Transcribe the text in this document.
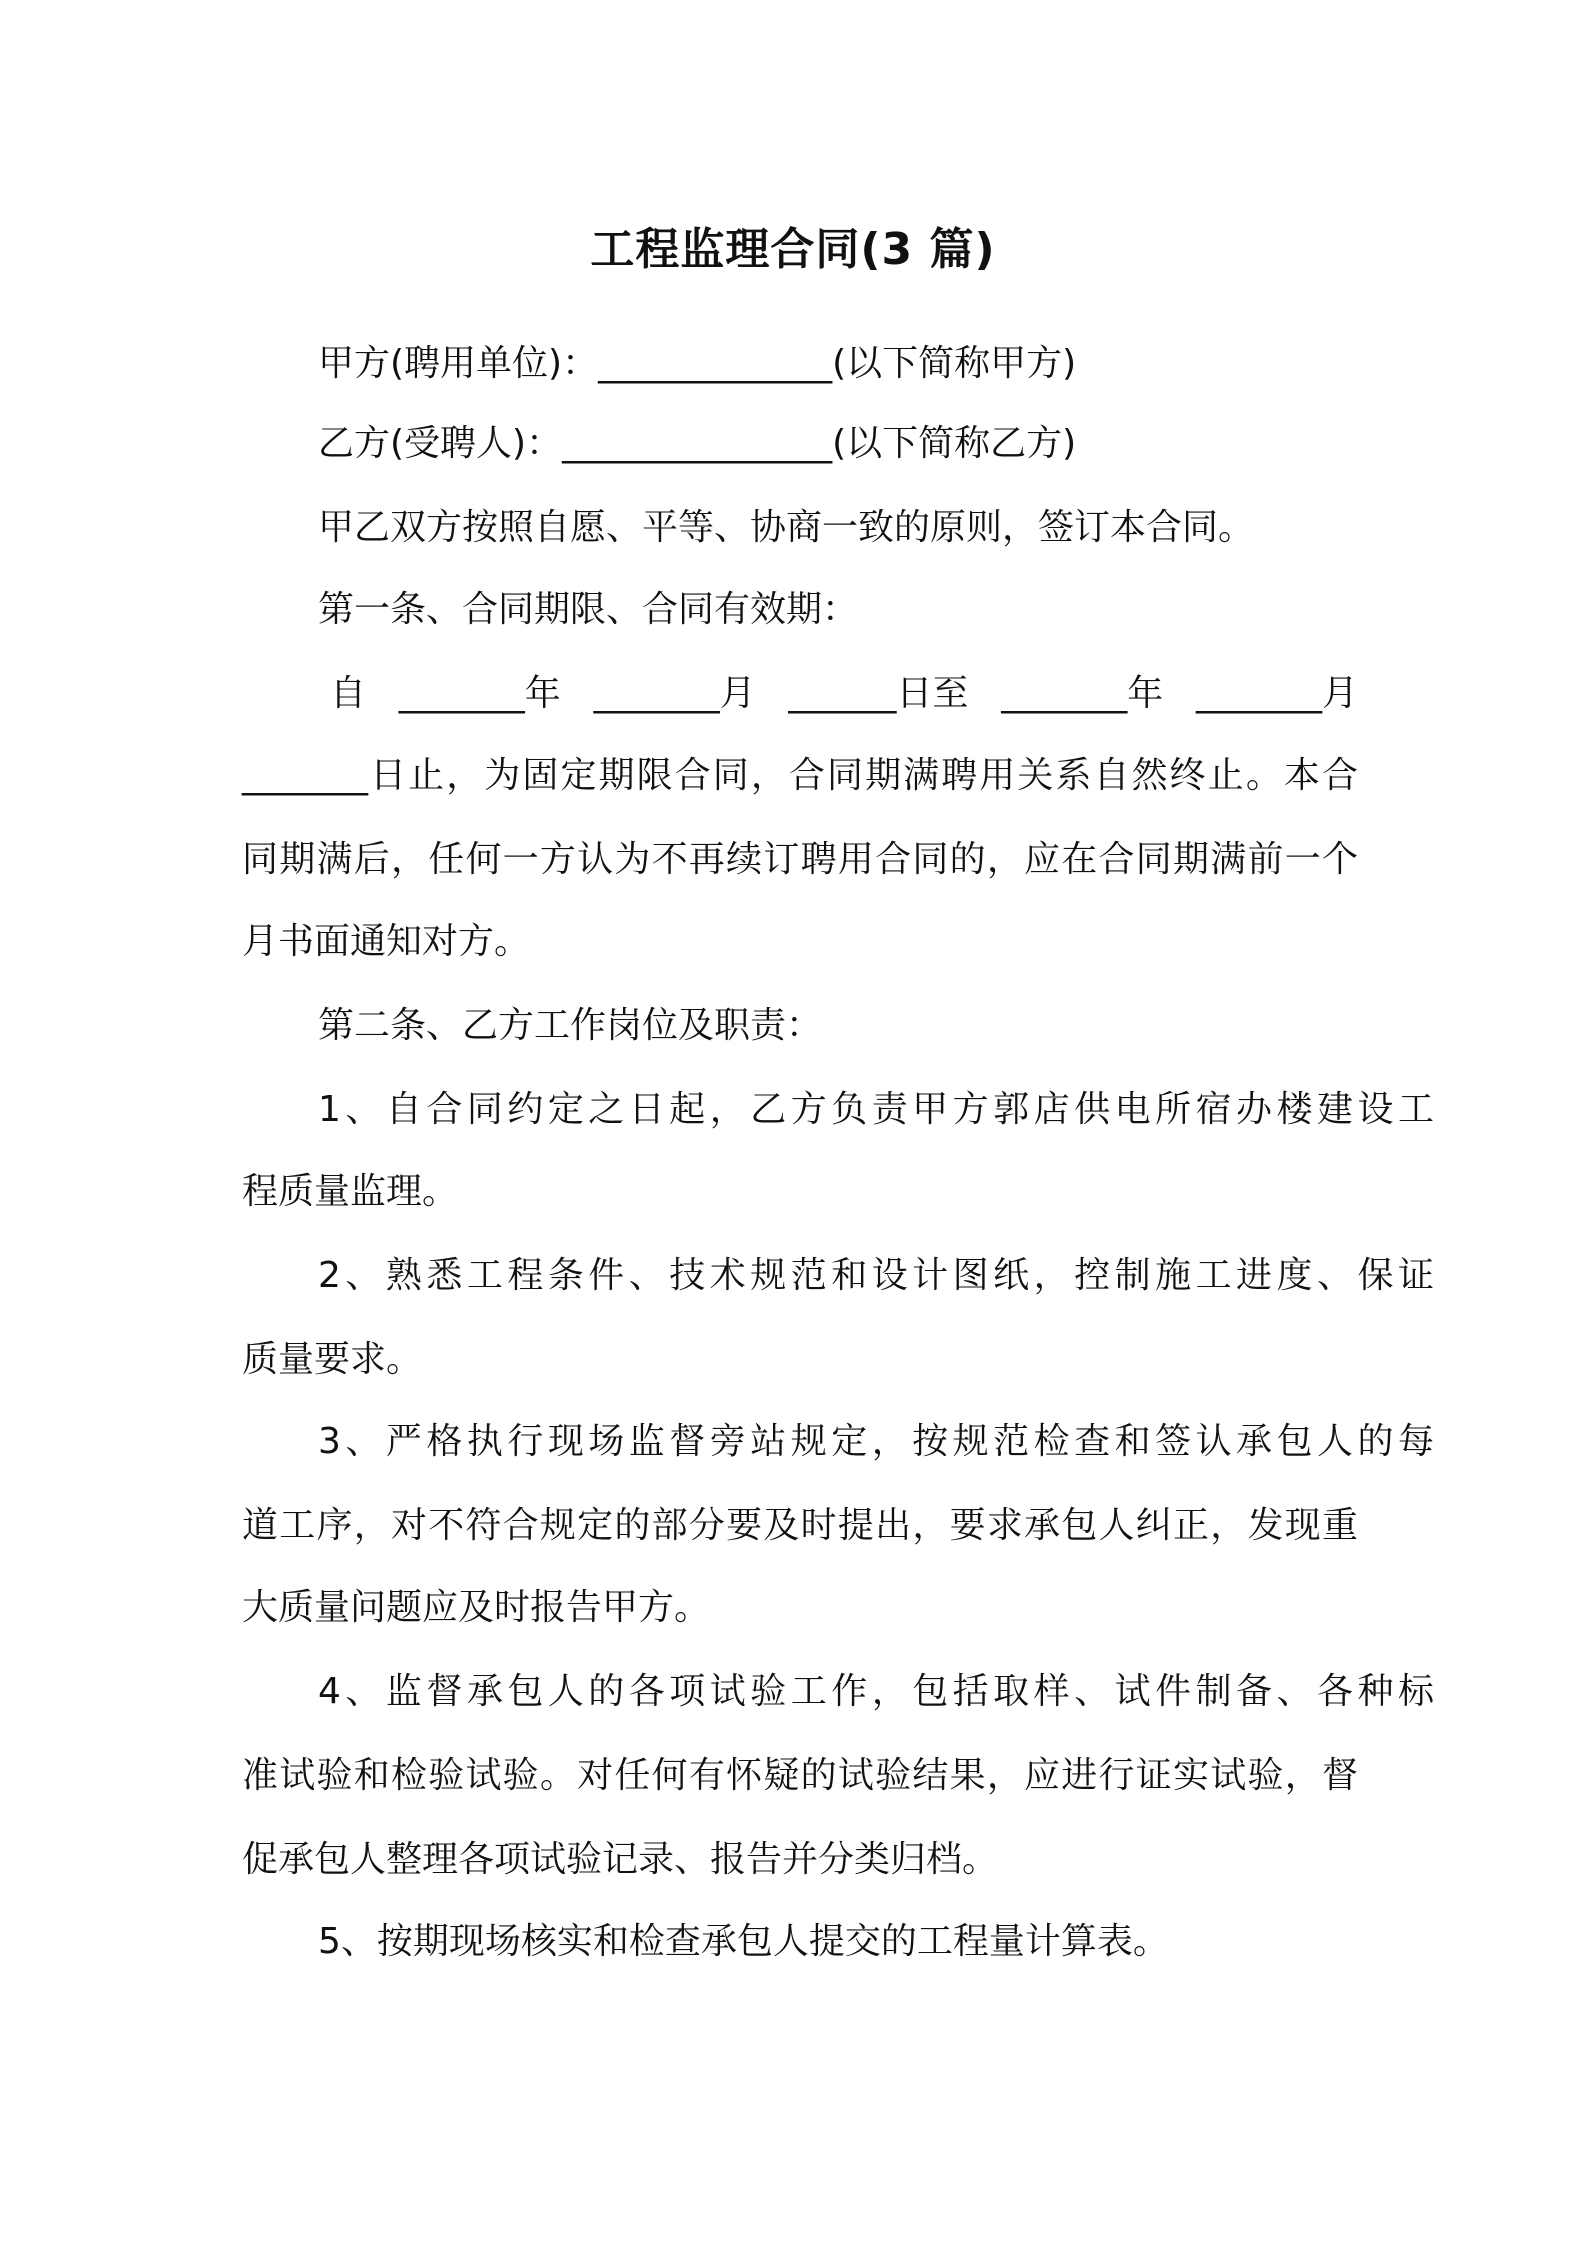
工程监理合同(3 篇)
甲方(聘用单位)：_____________(以下简称甲方)
乙方(受聘人)：_______________(以下简称乙方)
甲乙双方按照自愿、平等、协商一致的原则，签订本合同。
第一条、合同期限、合同有效期：
自 _______年 _______月 ______日至 _______年 _______月
_______日止，为固定期限合同，合同期满聘用关系自然终止。本合
同期满后，任何一方认为不再续订聘用合同的，应在合同期满前一个
月书面通知对方。
第二条、乙方工作岗位及职责：
1、自合同约定之日起，乙方负责甲方郭店供电所宿办楼建设工
程质量监理。
2、熟悉工程条件、技术规范和设计图纸，控制施工进度、保证
质量要求。
3、严格执行现场监督旁站规定，按规范检查和签认承包人的每
道工序，对不符合规定的部分要及时提出，要求承包人纠正，发现重
大质量问题应及时报告甲方。
4、监督承包人的各项试验工作，包括取样、试件制备、各种标
准试验和检验试验。对任何有怀疑的试验结果，应进行证实试验，督
促承包人整理各项试验记录、报告并分类归档。
5、按期现场核实和检查承包人提交的工程量计算表。
